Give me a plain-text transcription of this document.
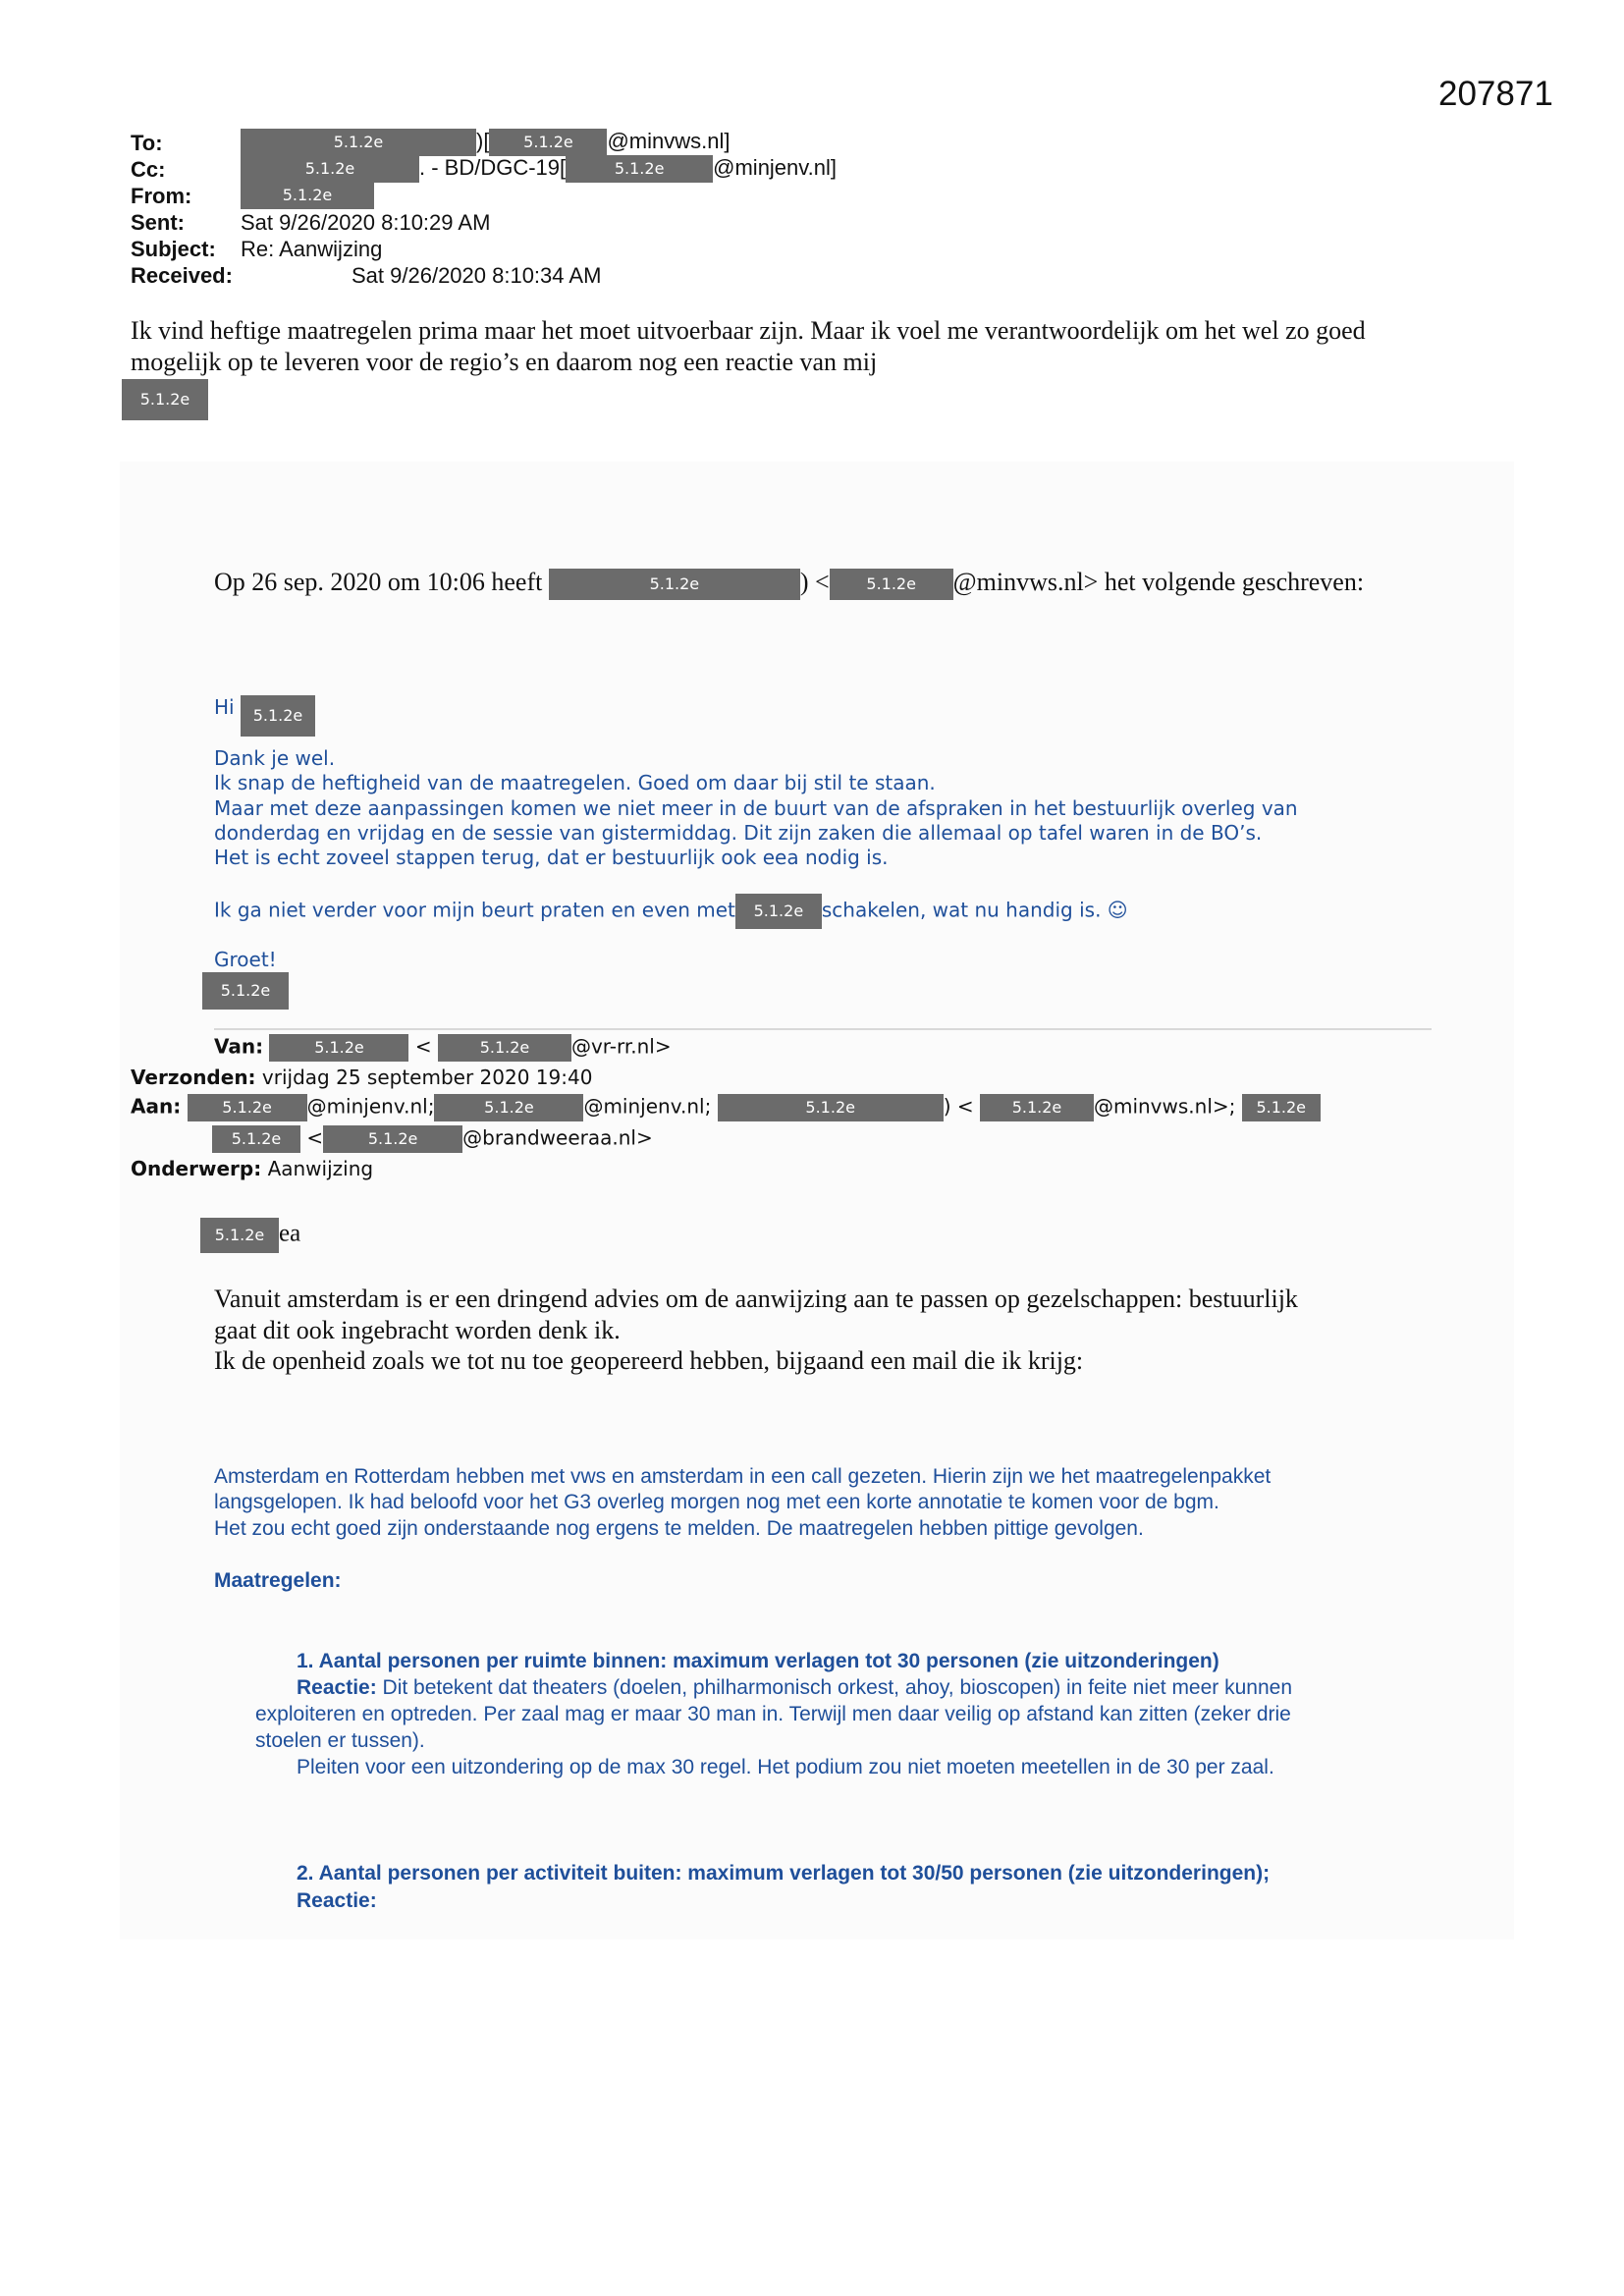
207871
To:	5.1.2e	)[ 5.1.2e @minvws.nl]
Cc:	5.1.2e	. - BD/DGC-19[	5.1.2e @minjenv.nl]
From:	5.1.2e
Sent:	Sat 9/26/2020 8:10:29 AM
Subject: Re: Aanwijzing
Received:	Sat 9/26/2020 8:10:34 AM
Ik vind heftige maatregelen prima maar het moet uitvoerbaar zijn. Maar ik voel me verantwoordelijk om het wel zo goed
mogelijk op te leveren voor de regio’s en daarom nog een reactie van mij
5.1.2e
Op 26 sep. 2020 om 10:06 heeft	5.1.2e	) < 5.1.2e @minvws.nl> het volgende geschreven:
Hi 5.1.2e
Dank je wel.
Ik snap de heftigheid van de maatregelen. Goed om daar bij stil te staan.
Maar met deze aanpassingen komen we niet meer in de buurt van de afspraken in het bestuurlijk overleg van
donderdag en vrijdag en de sessie van gistermiddag. Dit zijn zaken die allemaal op tafel waren in de BO’s.
Het is echt zoveel stappen terug, dat er bestuurlijk ook eea nodig is.
Ik ga niet verder voor mijn beurt praten en even met 5.1.2e schakelen, wat nu handig is. ☺
Groet!
5.1.2e
Van:	5.1.2e	<	5.1.2e @vr-rr.nl>
Verzonden: vrijdag 25 september 2020 19:40
Aan:	5.1.2e @minjenv.nl;	5.1.2e	@minjenv.nl;	5.1.2e	) < 5.1.2e @minvws.nl>; 5.1.2e
5.1.2e <	5.1.2e @brandweeraa.nl>
Onderwerp: Aanwijzing
5.1.2e ea
Vanuit amsterdam is er een dringend advies om de aanwijzing aan te passen op gezelschappen: bestuurlijk
gaat dit ook ingebracht worden denk ik.
Ik de openheid zoals we tot nu toe geopereerd hebben, bijgaand een mail die ik krijg:
Amsterdam en Rotterdam hebben met vws en amsterdam in een call gezeten. Hierin zijn we het maatregelenpakket
langsgelopen. Ik had beloofd voor het G3 overleg morgen nog met een korte annotatie te komen voor de bgm.
Het zou echt goed zijn onderstaande nog ergens te melden. De maatregelen hebben pittige gevolgen.
Maatregelen:
1. Aantal personen per ruimte binnen: maximum verlagen tot 30 personen (zie uitzonderingen)
Reactie: Dit betekent dat theaters (doelen, philharmonisch orkest, ahoy, bioscopen) in feite niet meer kunnen
exploiteren en optreden. Per zaal mag er maar 30 man in. Terwijl men daar veilig op afstand kan zitten (zeker drie
stoelen er tussen).
Pleiten voor een uitzondering op de max 30 regel. Het podium zou niet moeten meetellen in de 30 per zaal.
2. Aantal personen per activiteit buiten: maximum verlagen tot 30/50 personen (zie uitzonderingen);
Reactie:
